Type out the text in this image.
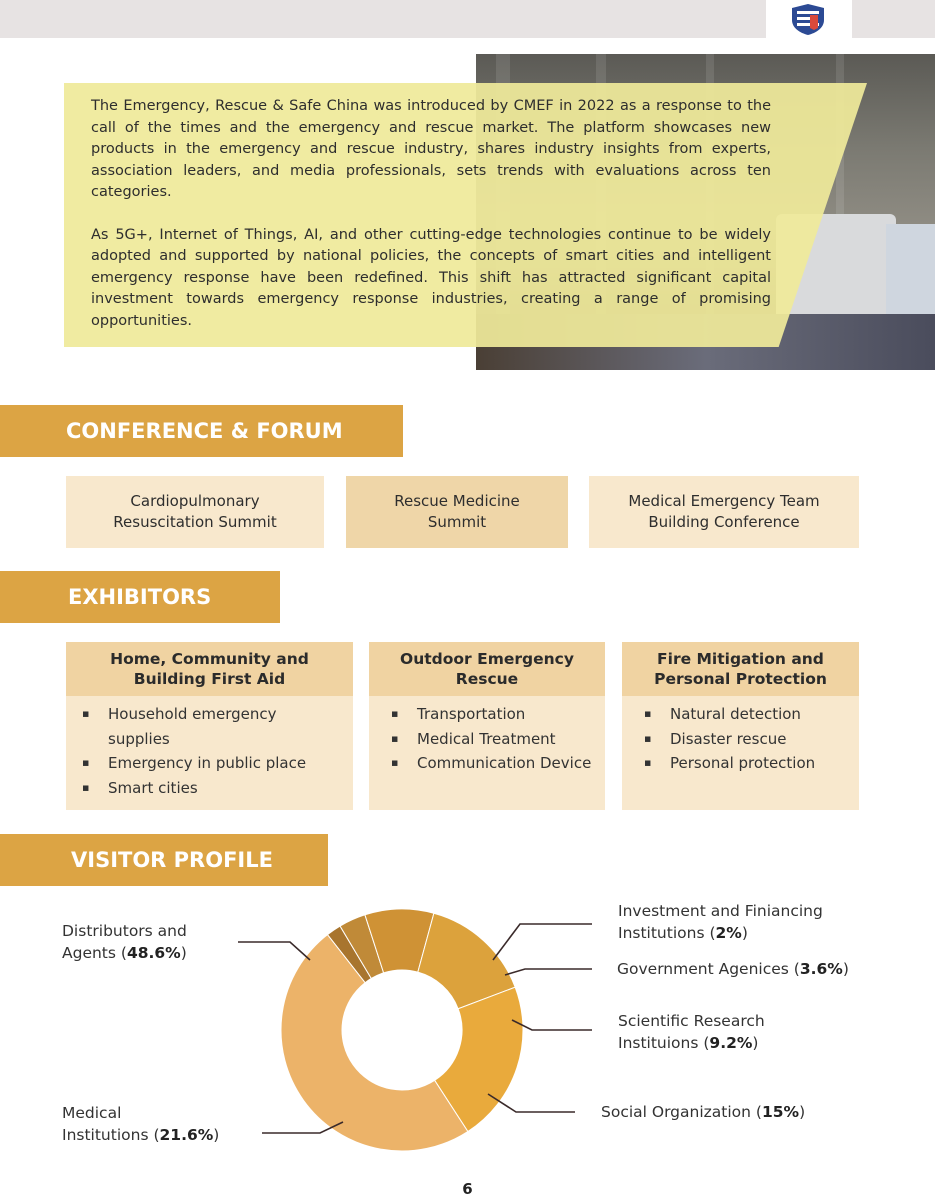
The Emergency, Rescue & Safe China was introduced by CMEF in 2022 as a response to the call of the times and the emergency and rescue market. The platform showcases new products in the emergency and rescue industry, shares industry insights from experts, association leaders, and media professionals, sets trends with evaluations across ten categories.

As 5G+, Internet of Things, AI, and other cutting-edge technologies continue to be widely adopted and supported by national policies, the concepts of smart cities and intelligent emergency response have been redefined. This shift has attracted significant capital investment towards emergency response industries, creating a range of promising opportunities.

CONFERENCE & FORUM
Cardiopulmonary
Resuscitation Summit
Rescue Medicine
Summit
Medical Emergency Team
Building Conference
EXHIBITORS
Home, Community and
Building First Aid
▪ Household emergency supplies
▪ Emergency in public place
▪ Smart cities
Outdoor Emergency
Rescue
▪ Transportation
▪ Medical Treatment
▪ Communication Device
Fire Mitigation and
Personal Protection
▪ Natural detection
▪ Disaster rescue
▪ Personal protection
VISITOR PROFILE
Distributors and
Agents (48.6%)
Medical
Institutions (21.6%)
Investment and Finiancing
Institutions (2%)
Government Agenices (3.6%)
Scientific Research
Instituions (9.2%)
Social Organization (15%)
6
